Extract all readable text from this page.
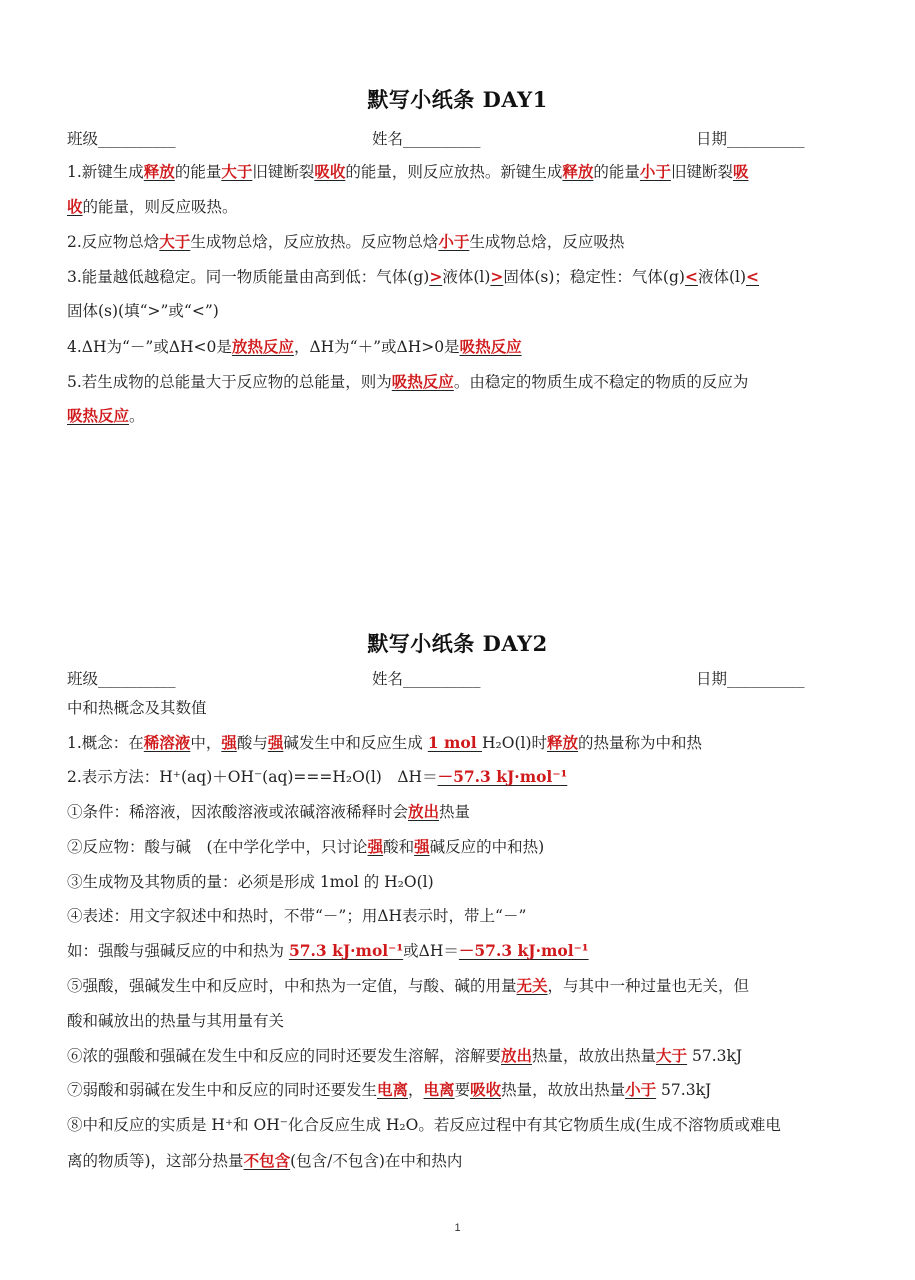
默写小纸条 DAY1
班级__________	姓名__________	日期__________
1.新键生成释放的能量大于旧键断裂吸收的能量，则反应放热。新键生成释放的能量小于旧键断裂吸
收的能量，则反应吸热。
2.反应物总焓大于生成物总焓，反应放热。反应物总焓小于生成物总焓，反应吸热
3.能量越低越稳定。同一物质能量由高到低：气体(g)>液体(l)>固体(s)；稳定性：气体(g)<液体(l)<
固体(s)(填“>”或“<”)
4.ΔH为“－”或ΔH<0是放热反应，ΔH为“＋”或ΔH>0是吸热反应
5.若生成物的总能量大于反应物的总能量，则为吸热反应。由稳定的物质生成不稳定的物质的反应为
吸热反应。
默写小纸条 DAY2
班级__________	姓名__________	日期__________
中和热概念及其数值
1.概念：在稀溶液中，强酸与强碱发生中和反应生成 1 mol H₂O(l)时释放的热量称为中和热
2.表示方法：H⁺(aq)＋OH⁻(aq)===H₂O(l)　ΔH＝－57.3 kJ·mol⁻¹
①条件：稀溶液，因浓酸溶液或浓碱溶液稀释时会放出热量
②反应物：酸与碱　(在中学化学中，只讨论强酸和强碱反应的中和热)
③生成物及其物质的量：必须是形成 1mol 的 H₂O(l)
④表述：用文字叙述中和热时，不带“－”；用ΔH表示时，带上“－”
如：强酸与强碱反应的中和热为 57.3 kJ·mol⁻¹或ΔH＝－57.3 kJ·mol⁻¹
⑤强酸，强碱发生中和反应时，中和热为一定值，与酸、碱的用量无关，与其中一种过量也无关，但
酸和碱放出的热量与其用量有关
⑥浓的强酸和强碱在发生中和反应的同时还要发生溶解，溶解要放出热量，故放出热量大于 57.3kJ
⑦弱酸和弱碱在发生中和反应的同时还要发生电离，电离要吸收热量，故放出热量小于 57.3kJ
⑧中和反应的实质是 H⁺和 OH⁻化合反应生成 H₂O。若反应过程中有其它物质生成(生成不溶物质或难电
离的物质等)，这部分热量不包含(包含/不包含)在中和热内
1
